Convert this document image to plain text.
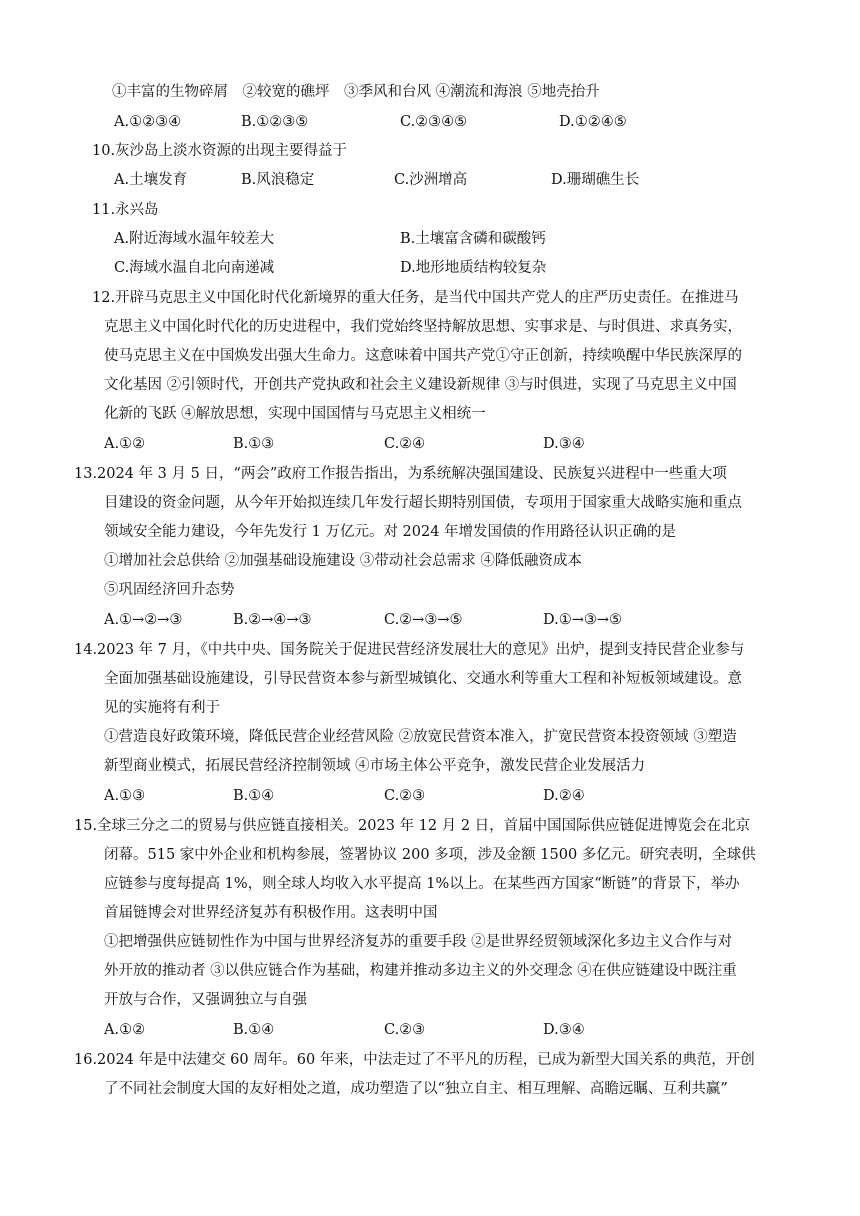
①丰富的生物碎屑　②较宽的礁坪　③季风和台风 ④潮流和海浪 ⑤地壳抬升
A.①②③④	B.①②③⑤	C.②③④⑤	D.①②④⑤
10.灰沙岛上淡水资源的出现主要得益于
A.土壤发育	B.风浪稳定	C.沙洲增高	D.珊瑚礁生长
11.永兴岛
A.附近海域水温年较差大	B.土壤富含磷和碳酸钙
C.海域水温自北向南递减	D.地形地质结构较复杂
12.开辟马克思主义中国化时代化新境界的重大任务，是当代中国共产党人的庄严历史责任。在推进马
克思主义中国化时代化的历史进程中，我们党始终坚持解放思想、实事求是、与时俱进、求真务实，
使马克思主义在中国焕发出强大生命力。这意味着中国共产党①守正创新，持续唤醒中华民族深厚的
文化基因 ②引领时代，开创共产党执政和社会主义建设新规律 ③与时俱进，实现了马克思主义中国
化新的飞跃 ④解放思想，实现中国国情与马克思主义相统一
A.①②	B.①③	C.②④	D.③④
13.2024 年 3 月 5 日，“两会”政府工作报告指出，为系统解决强国建设、民族复兴进程中一些重大项
目建设的资金问题，从今年开始拟连续几年发行超长期特别国债，专项用于国家重大战略实施和重点
领域安全能力建设，今年先发行 1 万亿元。对 2024 年增发国债的作用路径认识正确的是
①增加社会总供给 ②加强基础设施建设 ③带动社会总需求 ④降低融资成本
⑤巩固经济回升态势
A.①→②→③	B.②→④→③	C.②→③→⑤	D.①→③→⑤
14.2023 年 7 月，《中共中央、国务院关于促进民营经济发展壮大的意见》出炉，提到支持民营企业参与
全面加强基础设施建设，引导民营资本参与新型城镇化、交通水利等重大工程和补短板领域建设。意
见的实施将有利于
①营造良好政策环境，降低民营企业经营风险 ②放宽民营资本准入，扩宽民营资本投资领域 ③塑造
新型商业模式，拓展民营经济控制领域 ④市场主体公平竞争，激发民营企业发展活力
A.①③	B.①④	C.②③	D.②④
15.全球三分之二的贸易与供应链直接相关。2023 年 12 月 2 日，首届中国国际供应链促进博览会在北京
闭幕。515 家中外企业和机构参展，签署协议 200 多项，涉及金额 1500 多亿元。研究表明，全球供
应链参与度每提高 1%，则全球人均收入水平提高 1%以上。在某些西方国家“断链”的背景下，举办
首届链博会对世界经济复苏有积极作用。这表明中国
①把增强供应链韧性作为中国与世界经济复苏的重要手段 ②是世界经贸领域深化多边主义合作与对
外开放的推动者 ③以供应链合作为基础，构建并推动多边主义的外交理念 ④在供应链建设中既注重
开放与合作，又强调独立与自强
A.①②	B.①④	C.②③	D.③④
16.2024 年是中法建交 60 周年。60 年来，中法走过了不平凡的历程，已成为新型大国关系的典范，开创
了不同社会制度大国的友好相处之道，成功塑造了以“独立自主、相互理解、高瞻远瞩、互利共赢”
